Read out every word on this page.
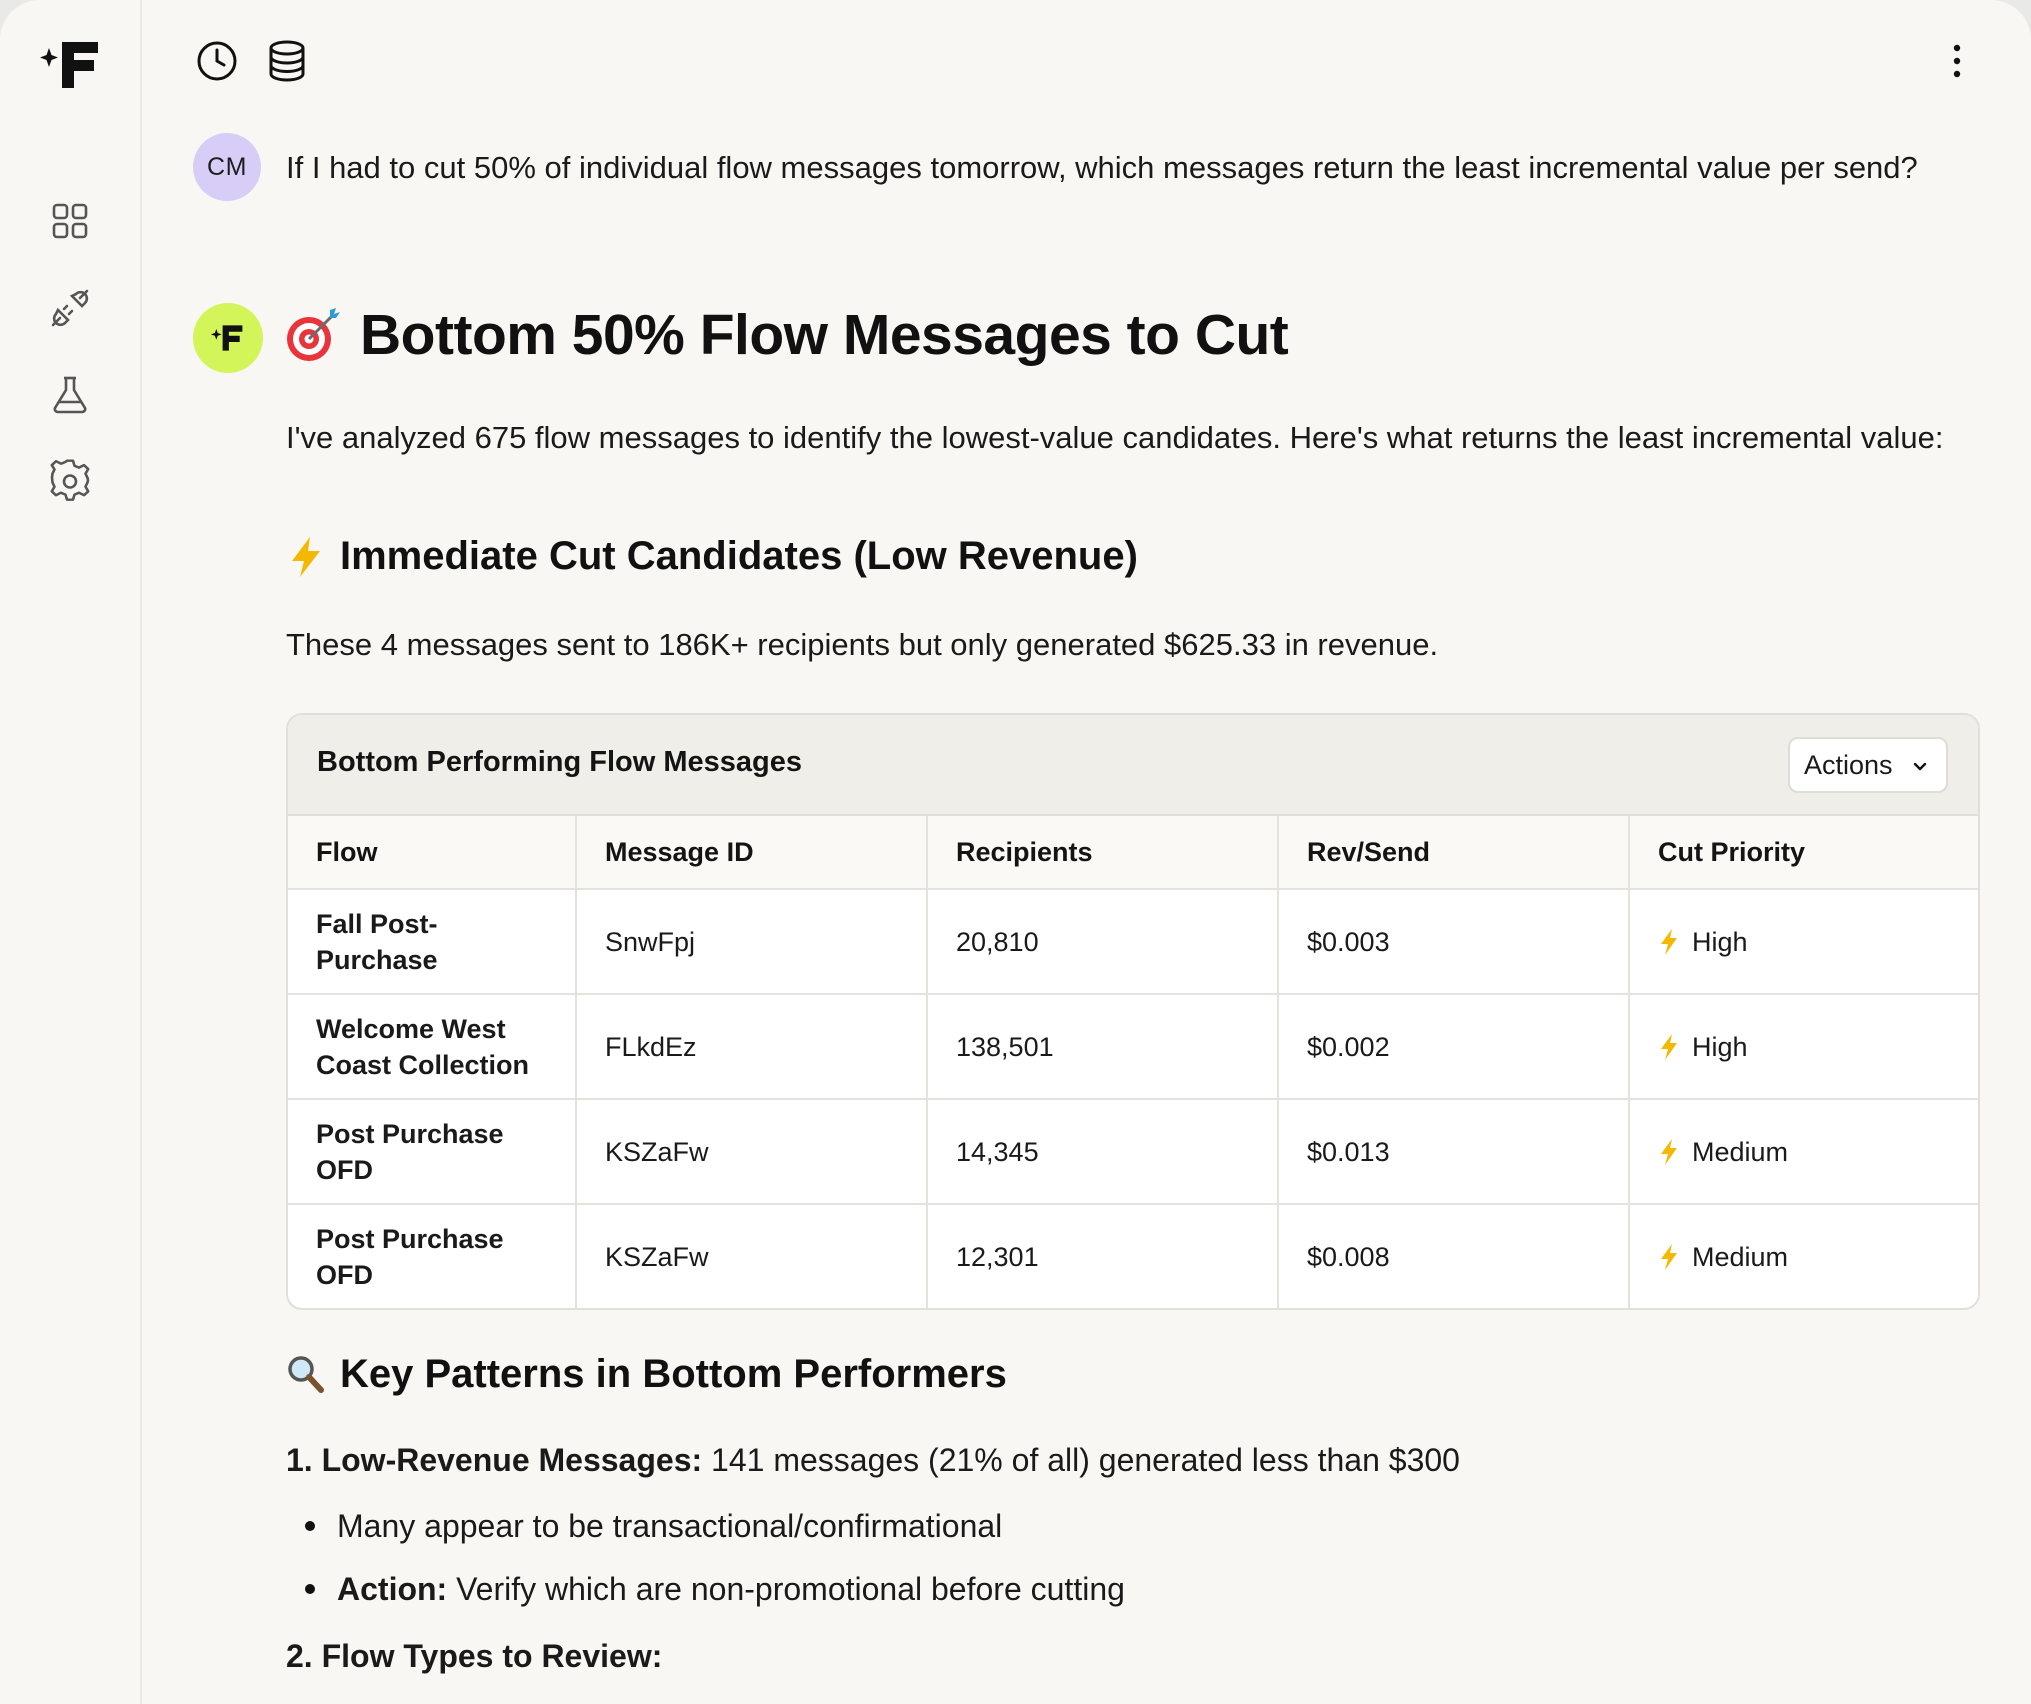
CM	If I had to cut 50% of individual flow messages tomorrow, which messages return the least incremental value per send?
Bottom 50% Flow Messages to Cut
I've analyzed 675 flow messages to identify the lowest-value candidates. Here's what returns the least incremental value:
Immediate Cut Candidates (Low Revenue)
These 4 messages sent to 186K+ recipients but only generated $625.33 in revenue.
Bottom Performing Flow Messages	Actions
Flow	Message ID	Recipients	Rev/Send	Cut Priority
Fall Post-Purchase	SnwFpj	20,810	$0.003	High

Welcome West Coast Collection	FLkdEz	138,501	$0.002	High

Post Purchase OFD	KSZaFw	14,345	$0.013	Medium

Post Purchase OFD	KSZaFw	12,301	$0.008	Medium
Key Patterns in Bottom Performers
1. Low-Revenue Messages: 141 messages (21% of all) generated less than $300
Many appear to be transactional/confirmational
Action: Verify which are non-promotional before cutting
2. Flow Types to Review:
